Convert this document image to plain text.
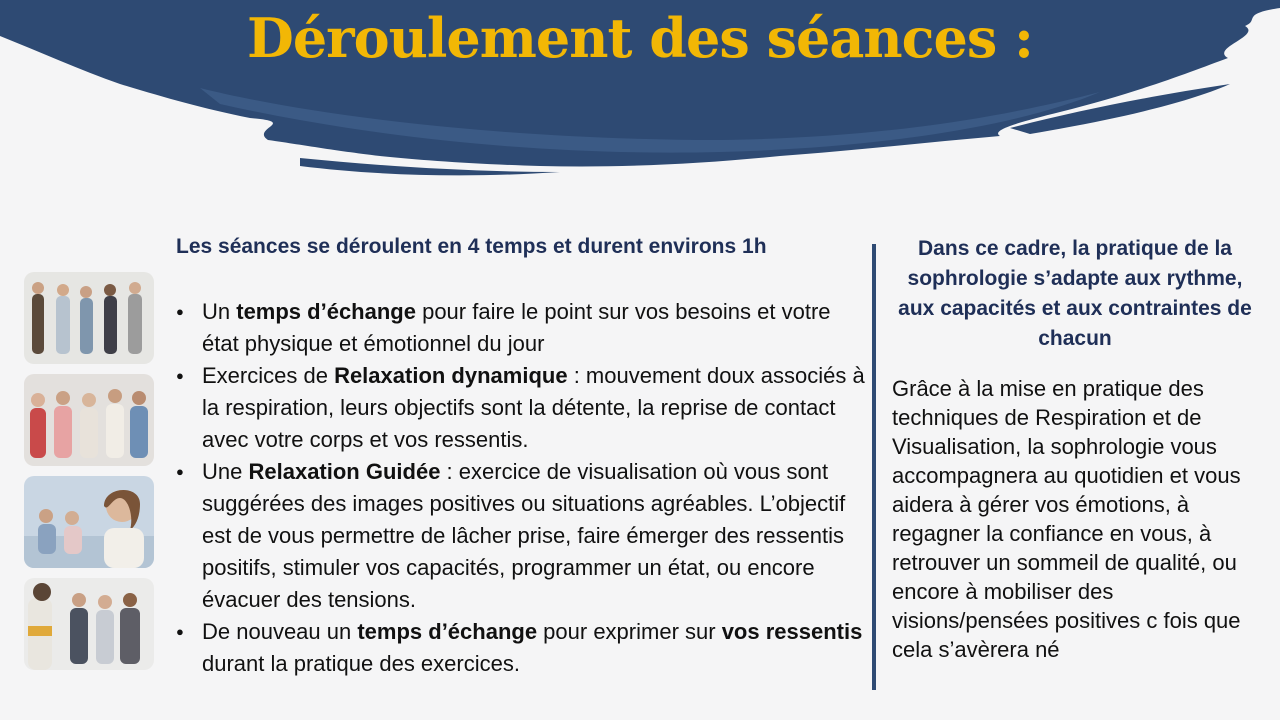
Déroulement des séances :
Les séances se déroulent en 4 temps et durent environs 1h
● Un temps d’échange pour faire le point sur vos besoins et votre état physique et émotionnel du jour
● Exercices de Relaxation dynamique : mouvement doux associés à la respiration, leurs objectifs sont la détente, la reprise de contact avec votre corps et vos ressentis.
● Une Relaxation Guidée : exercice de visualisation où vous sont suggérées des images positives ou situations agréables. L’objectif est de vous permettre de lâcher prise, faire émerger des ressentis positifs, stimuler vos capacités, programmer un état, ou encore évacuer des tensions.
● De nouveau un temps d’échange pour exprimer sur vos ressentis durant la pratique des exercices.
Dans ce cadre, la pratique de la sophrologie s’adapte aux rythme, aux capacités et aux contraintes de chacun

Grâce à la mise en pratique des techniques de Respiration et de Visualisation, la sophrologie vous accompagnera au quotidien et vous aidera à gérer vos émotions, à regagner la confiance en vous, à retrouver un sommeil de qualité, ou encore à mobiliser des visions/pensées positives c fois que cela s’avèrera né
